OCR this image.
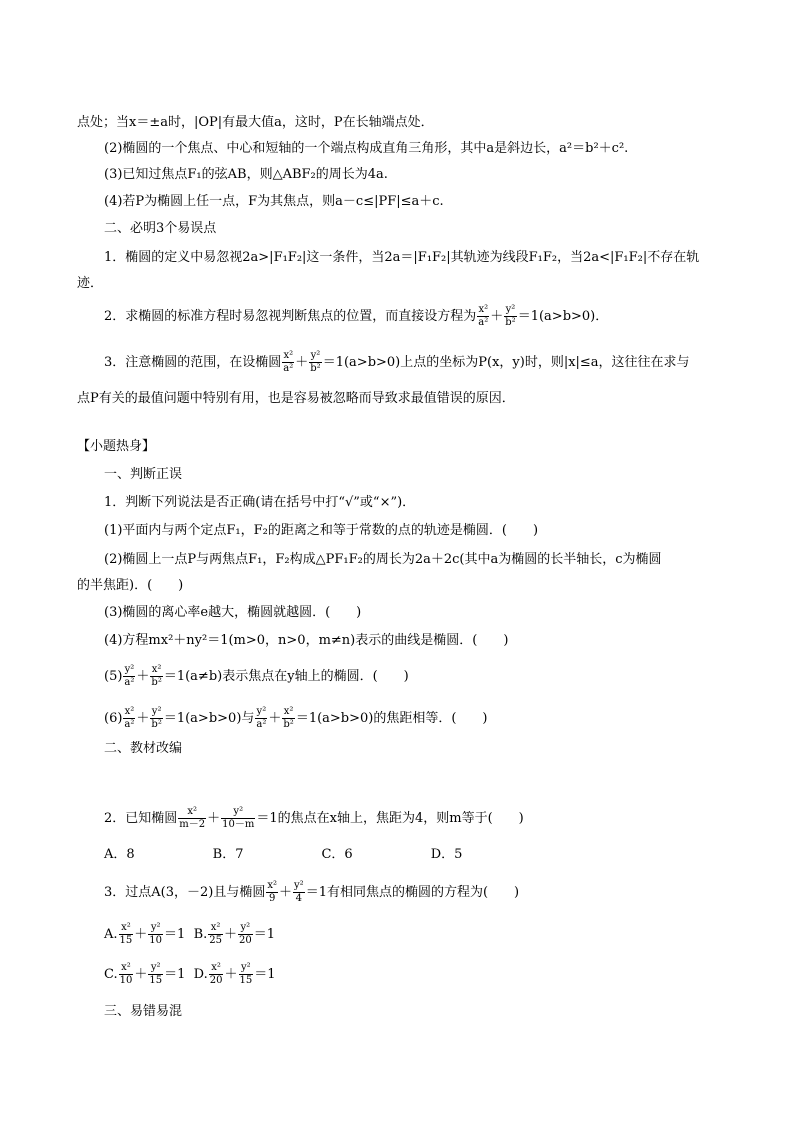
点处；当x＝±a时，|OP|有最大值a，这时，P在长轴端点处．
(2)椭圆的一个焦点、中心和短轴的一个端点构成直角三角形，其中a是斜边长，a²＝b²＋c².
(3)已知过焦点F₁的弦AB，则△ABF₂的周长为4a.
(4)若P为椭圆上任一点，F为其焦点，则a－c≤|PF|≤a＋c.
二、必明3个易误点
1．椭圆的定义中易忽视2a>|F₁F₂|这一条件，当2a＝|F₁F₂|其轨迹为线段F₁F₂，当2a<|F₁F₂|不存在轨
迹．
2．求椭圆的标准方程时易忽视判断焦点的位置，而直接设方程为 $\frac{\text{x²}}{\text{a²}} + \frac{\text{y²}}{\text{b²}} =1(a>b>0)$．
3．注意椭圆的范围，在设椭圆 $\frac{\text{x²}}{\text{a²}} + \frac{\text{y²}}{\text{b²}} =1(a>b>0)$上点的坐标为P(x，y)时，则|x|≤a，这往往在求与
点P有关的最值问题中特别有用，也是容易被忽略而导致求最值错误的原因．
【小题热身】
一、判断正误
1．判断下列说法是否正确(请在括号中打“√”或“×”)．
(1)平面内与两个定点F₁，F₂的距离之和等于常数的点的轨迹是椭圆．(　　)
(2)椭圆上一点P与两焦点F₁，F₂构成△PF₁F₂的周长为2a＋2c(其中a为椭圆的长半轴长，c为椭圆
的半焦距)．(　　)
(3)椭圆的离心率e越大，椭圆就越圆．(　　)
(4)方程mx²＋ny²＝1(m>0，n>0，m≠n)表示的曲线是椭圆．(　　)
$(5) \frac{\text{y²}}{\text{a²}} + \frac{\text{x²}}{\text{b²}} =1(a\ne b)$表示焦点在y轴上的椭圆．(　　)
$(6) \frac{\text{x²}}{\text{a²}} + \frac{\text{y²}}{\text{b²}} =1(a>b>0)$与 $\frac{\text{y²}}{\text{a²}} + \frac{\text{x²}}{\text{b²}} =1(a>b>0)$的焦距相等．(　　)
二、教材改编
2．已知椭圆 $\frac{\text{x²}}{m-2} + \frac{\text{y²}}{10-m} =1$的焦点在x轴上，焦距为4，则m等于(　　)
A．8　　　　　　B．7　　　　　　C．6　　　　　　D．5
3．过点A(3，－2)且与椭圆 $\frac{\text{x²}}{9} + \frac{\text{y²}}{4} =1$有相同焦点的椭圆的方程为(　　)
A. $\frac{\text{x²}}{15} + \frac{\text{y²}}{10} =1$ B. $\frac{\text{x²}}{25} + \frac{\text{y²}}{20} =1$
C. $\frac{\text{x²}}{10} + \frac{\text{y²}}{15} =1$ D. $\frac{\text{x²}}{20} + \frac{\text{y²}}{15} =1$
三、易错易混
